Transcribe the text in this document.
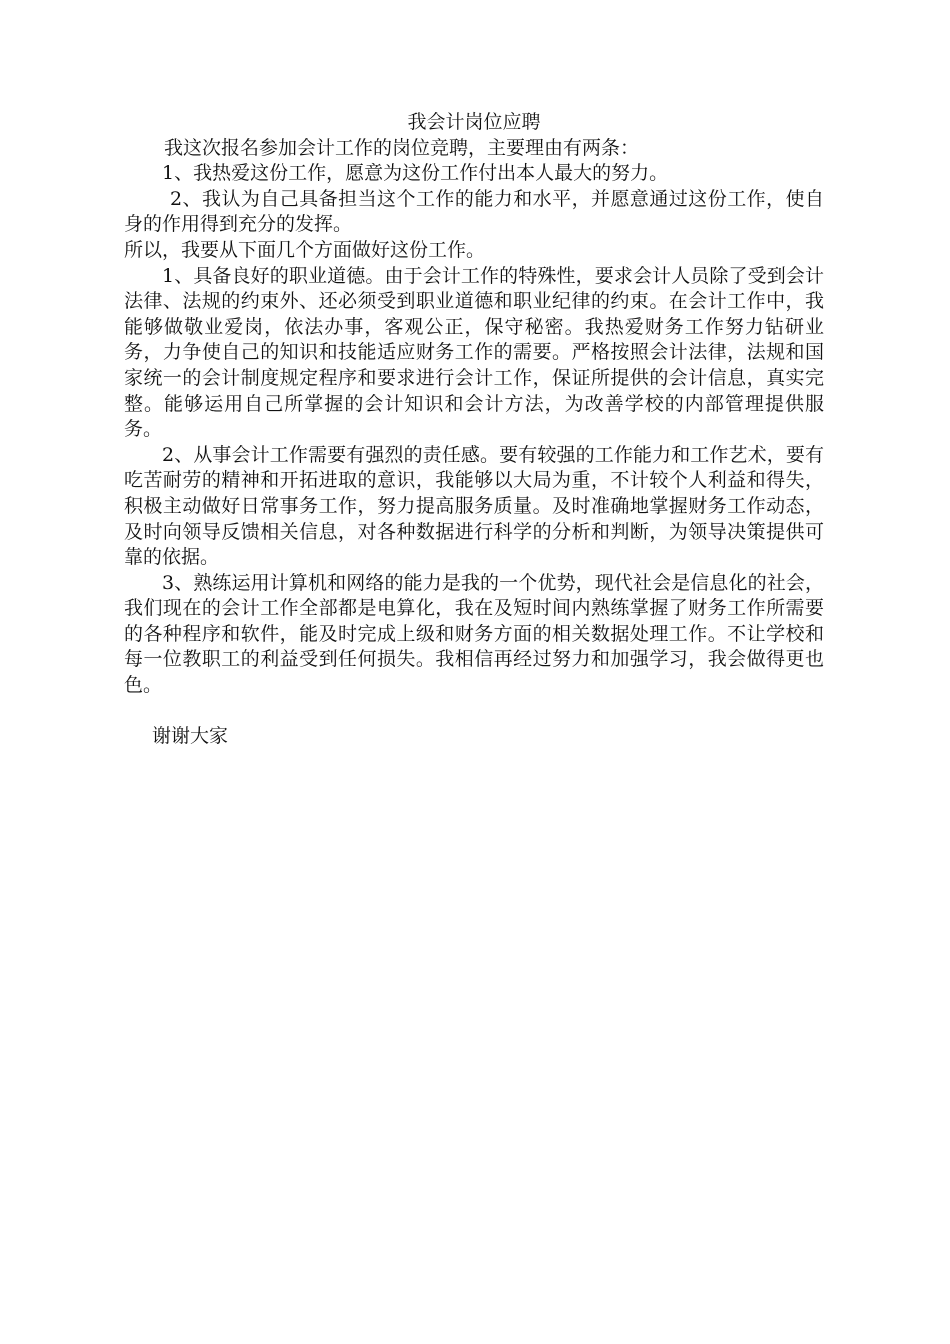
我会计岗位应聘

我这次报名参加会计工作的岗位竞聘，主要理由有两条：

1、我热爱这份工作，愿意为这份工作付出本人最大的努力。

2、我认为自己具备担当这个工作的能力和水平，并愿意通过这份工作，使自身的作用得到充分的发挥。

所以，我要从下面几个方面做好这份工作。

1、具备良好的职业道德。由于会计工作的特殊性，要求会计人员除了受到会计法律、法规的约束外、还必须受到职业道德和职业纪律的约束。在会计工作中，我能够做敬业爱岗，依法办事，客观公正，保守秘密。我热爱财务工作努力钻研业务，力争使自己的知识和技能适应财务工作的需要。严格按照会计法律，法规和国家统一的会计制度规定程序和要求进行会计工作，保证所提供的会计信息，真实完整。能够运用自己所掌握的会计知识和会计方法，为改善学校的内部管理提供服务。

2、从事会计工作需要有强烈的责任感。要有较强的工作能力和工作艺术，要有吃苦耐劳的精神和开拓进取的意识，我能够以大局为重，不计较个人利益和得失，积极主动做好日常事务工作，努力提高服务质量。及时准确地掌握财务工作动态，及时向领导反馈相关信息，对各种数据进行科学的分析和判断，为领导决策提供可靠的依据。

3、熟练运用计算机和网络的能力是我的一个优势，现代社会是信息化的社会，我们现在的会计工作全部都是电算化，我在及短时间内熟练掌握了财务工作所需要的各种程序和软件，能及时完成上级和财务方面的相关数据处理工作。不让学校和每一位教职工的利益受到任何损失。我相信再经过努力和加强学习，我会做得更也色。

谢谢大家
